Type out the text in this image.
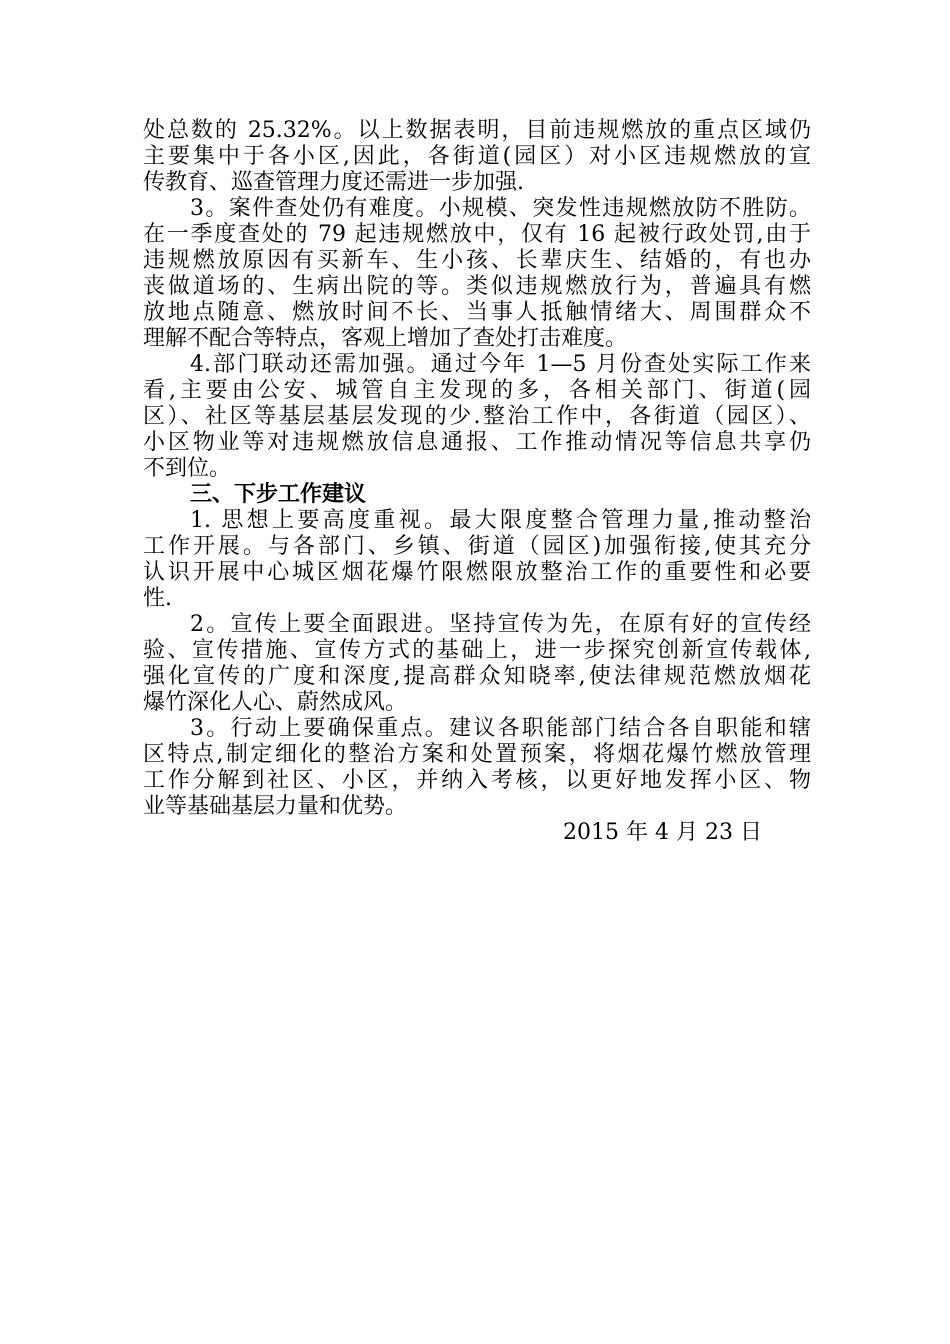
处总数的 25.32%。以上数据表明，目前违规燃放的重点区域仍
主要集中于各小区,因此，各街道(园区）对小区违规燃放的宣
传教育、巡查管理力度还需进一步加强.
3。案件查处仍有难度。小规模、突发性违规燃放防不胜防。
在一季度查处的 79 起违规燃放中，仅有 16 起被行政处罚,由于
违规燃放原因有买新车、生小孩、长辈庆生、结婚的，有也办
丧做道场的、生病出院的等。类似违规燃放行为，普遍具有燃
放地点随意、燃放时间不长、当事人抵触情绪大、周围群众不
理解不配合等特点，客观上增加了查处打击难度。
4.部门联动还需加强。通过今年 1—5 月份查处实际工作来
看,主要由公安、城管自主发现的多，各相关部门、街道(园
区）、社区等基层基层发现的少.整治工作中，各街道（园区）、
小区物业等对违规燃放信息通报、工作推动情况等信息共享仍
不到位。
三、下步工作建议
1. 思想上要高度重视。最大限度整合管理力量,推动整治
工作开展。与各部门、乡镇、街道（园区)加强衔接,使其充分
认识开展中心城区烟花爆竹限燃限放整治工作的重要性和必要
性.
2。宣传上要全面跟进。坚持宣传为先，在原有好的宣传经
验、宣传措施、宣传方式的基础上，进一步探究创新宣传载体,
强化宣传的广度和深度,提高群众知晓率,使法律规范燃放烟花
爆竹深化人心、蔚然成风。
3。行动上要确保重点。建议各职能部门结合各自职能和辖
区特点,制定细化的整治方案和处置预案，将烟花爆竹燃放管理
工作分解到社区、小区，并纳入考核，以更好地发挥小区、物
业等基础基层力量和优势。
2015 年 4 月 23 日
